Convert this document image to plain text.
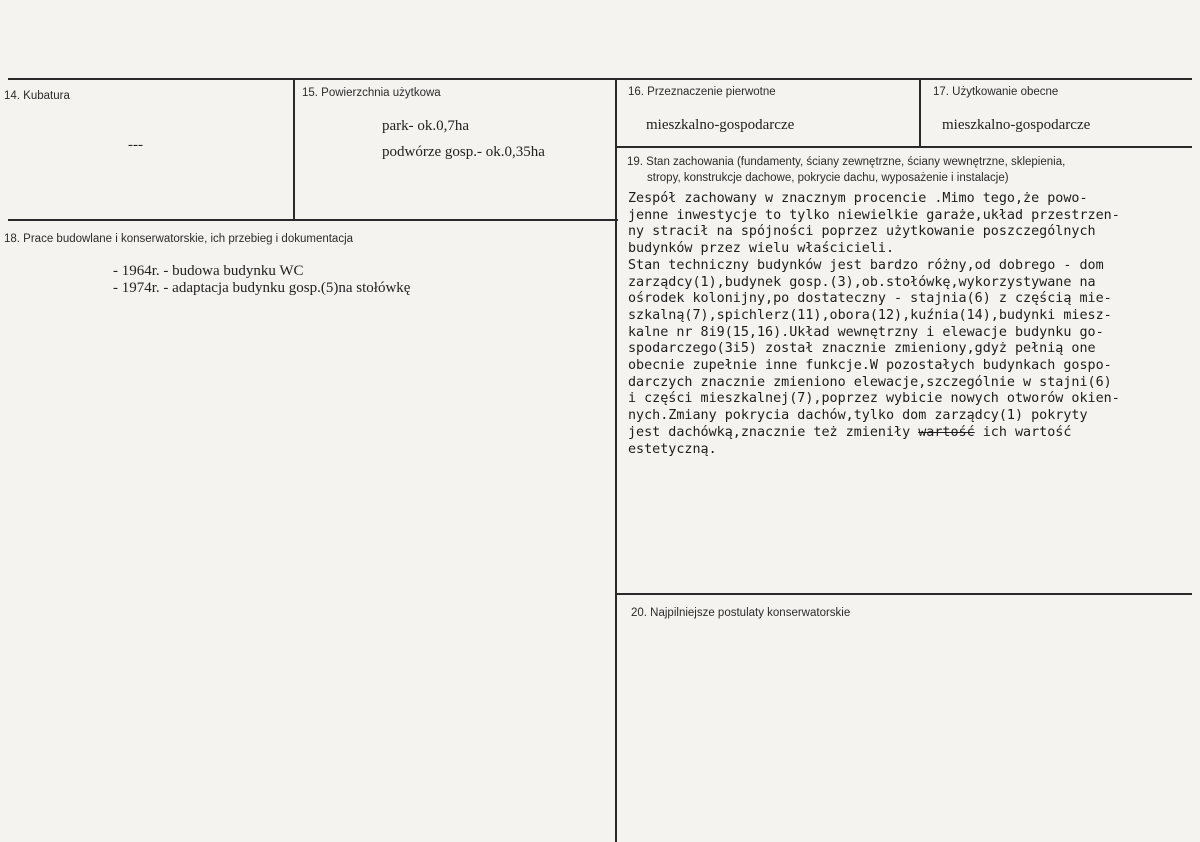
14. Kubatura
---
15. Powierzchnia użytkowa
park- ok.0,7ha
podwórze gosp.- ok.0,35ha
16. Przeznaczenie pierwotne
mieszkalno-gospodarcze
17. Użytkowanie obecne
mieszkalno-gospodarcze
18. Prace budowlane i konserwatorskie, ich przebieg i dokumentacja
- 1964r. - budowa budynku WC
- 1974r. - adaptacja budynku gosp.(5)na stołówkę
19. Stan zachowania (fundamenty, ściany zewnętrzne, ściany wewnętrzne, sklepienia,
stropy, konstrukcje dachowe, pokrycie dachu, wyposażenie i instalacje)
Zespół zachowany w znacznym procencie .Mimo tego,że powo-
jenne inwestycje to tylko niewielkie garaże,układ przestrzen-
ny stracił na spójności poprzez użytkowanie poszczególnych
budynków przez wielu właścicieli.
Stan techniczny budynków jest bardzo różny,od dobrego - dom
zarządcy(1),budynek gosp.(3),ob.stołówkę,wykorzystywane na
ośrodek kolonijny,po dostateczny - stajnia(6) z częścią mie-
szkalną(7),spichlerz(11),obora(12),kuźnia(14),budynki miesz-
kalne nr 8i9(15,16).Układ wewnętrzny i elewacje budynku go-
spodarczego(3i5) został znacznie zmieniony,gdyż pełnią one
obecnie zupełnie inne funkcje.W pozostałych budynkach gospo-
darczych znacznie zmieniono elewacje,szczególnie w stajni(6)
i części mieszkalnej(7),poprzez wybicie nowych otworów okien-
nych.Zmiany pokrycia dachów,tylko dom zarządcy(1) pokryty
jest dachówką,znacznie też zmieniły wartość ich wartość
estetyczną.
20. Najpilniejsze postulaty konserwatorskie
